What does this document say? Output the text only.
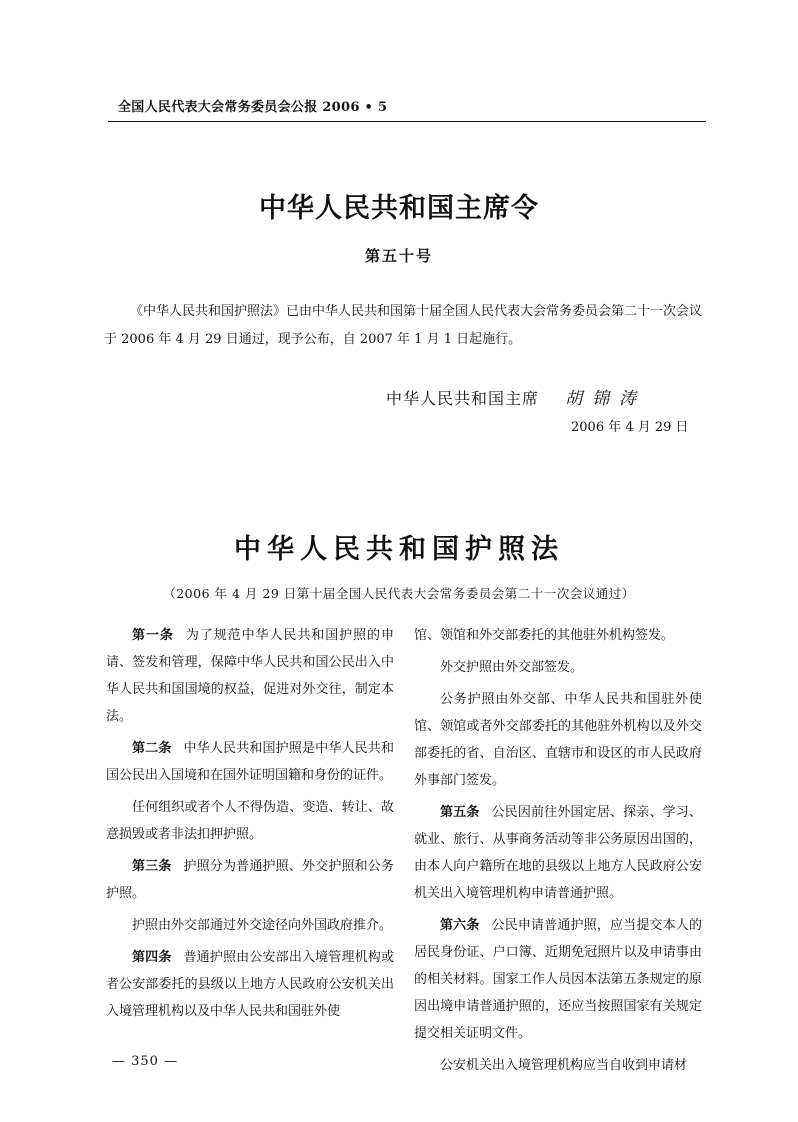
全国人民代表大会常务委员会公报 2006 • 5
中华人民共和国主席令
第五十号
《中华人民共和国护照法》已由中华人民共和国第十届全国人民代表大会常务委员会第二十一次会议于 2006 年 4 月 29 日通过，现予公布，自 2007 年 1 月 1 日起施行。
中华人民共和国主席 胡锦涛
2006 年 4 月 29 日
中华人民共和国护照法
（2006 年 4 月 29 日第十届全国人民代表大会常务委员会第二十一次会议通过）

第一条 为了规范中华人民共和国护照的申请、签发和管理，保障中华人民共和国公民出入中华人民共和国国境的权益，促进对外交往，制定本法。

第二条 中华人民共和国护照是中华人民共和国公民出入国境和在国外证明国籍和身份的证件。

任何组织或者个人不得伪造、变造、转让、故意损毁或者非法扣押护照。

第三条 护照分为普通护照、外交护照和公务护照。

护照由外交部通过外交途径向外国政府推介。

第四条 普通护照由公安部出入境管理机构或者公安部委托的县级以上地方人民政府公安机关出入境管理机构以及中华人民共和国驻外使

馆、领馆和外交部委托的其他驻外机构签发。

外交护照由外交部签发。

公务护照由外交部、中华人民共和国驻外使馆、领馆或者外交部委托的其他驻外机构以及外交部委托的省、自治区、直辖市和设区的市人民政府外事部门签发。

第五条 公民因前往外国定居、探亲、学习、就业、旅行、从事商务活动等非公务原因出国的，由本人向户籍所在地的县级以上地方人民政府公安机关出入境管理机构申请普通护照。

第六条 公民申请普通护照，应当提交本人的居民身份证、户口簿、近期免冠照片以及申请事由的相关材料。国家工作人员因本法第五条规定的原因出境申请普通护照的，还应当按照国家有关规定提交相关证明文件。

公安机关出入境管理机构应当自收到申请材

— 350 —
